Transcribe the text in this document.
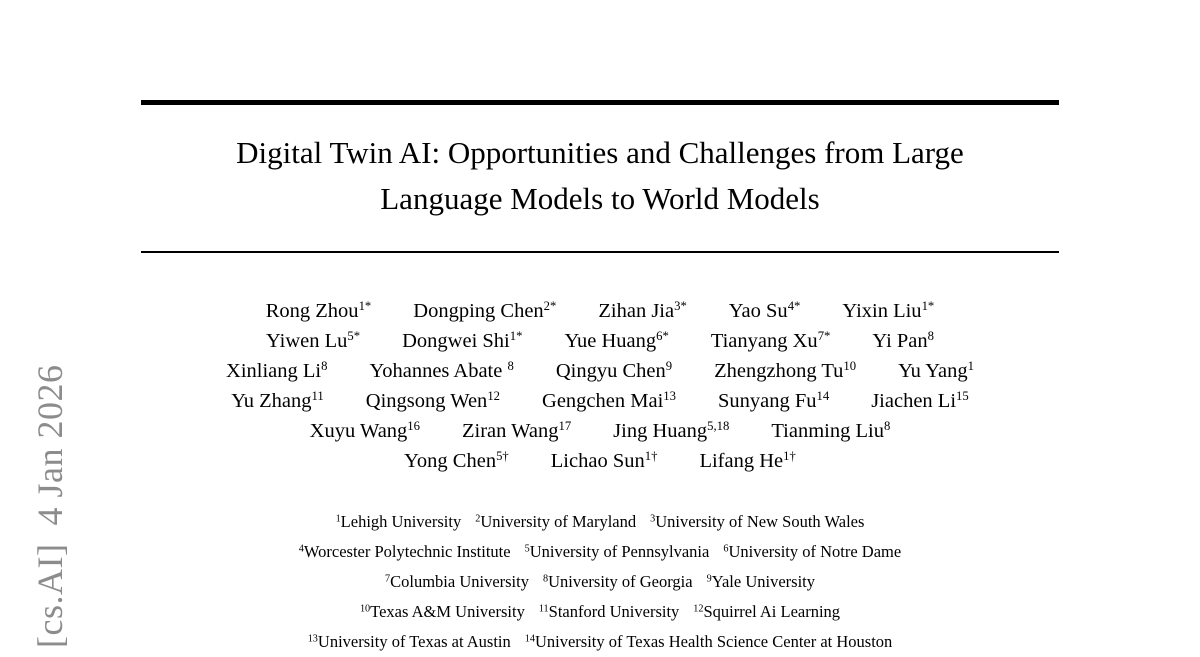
[cs.AI]4 Jan 2026
Digital Twin AI: Opportunities and Challenges from Large
Language Models to World Models
Rong Zhou$^{1*}$ Dongping Chen$^{2*}$ Zihan Jia$^{3*}$ Yao $Su^{4*}$ Yixin Liu$^{1*}$
Yiwen $Lu^{5*}$ Dongwei Shi$^{1*}$ Yue Huang$^{6*}$ Tianyang $Xu^{7*}$ Yi Pan$^8$
Xinliang Li$^8$ Yohannes Abate $^8$ Qingyu Chen$^9$ Zhengzhong Tu$^{10}$ Yu Yang$^1$
Yu Zhang$^{11}$ Qingsong Wen$^{12}$ Gengchen Mai$^{13}$ Sunyang Fu$^{14}$ Jiachen Li$^{15}$
Xuyu Wang$^{16}$ Ziran Wang$^{17}$ Jing Huang$^{5,18}$ Tianming Liu$^8$
Yong Chen$^{5\dagger}$ Lichao Sun$^{1\dagger}$ Lifang $He^{1\dagger}$
$^1$Lehigh University $^2$University of Maryland $^3$University of New South Wales
$^4$Worcester Polytechnic Institute $^5$University of Pennsylvania $^6$University of Notre Dame
$^7$Columbia University $^8$University of Georgia $^9$Yale University
$^{10}$Texas A&M University $^{11}$Stanford University $^{12}$Squirrel Ai Learning
$^{13}$University of Texas at Austin $^{14}$University of Texas Health Science Center at Houston
